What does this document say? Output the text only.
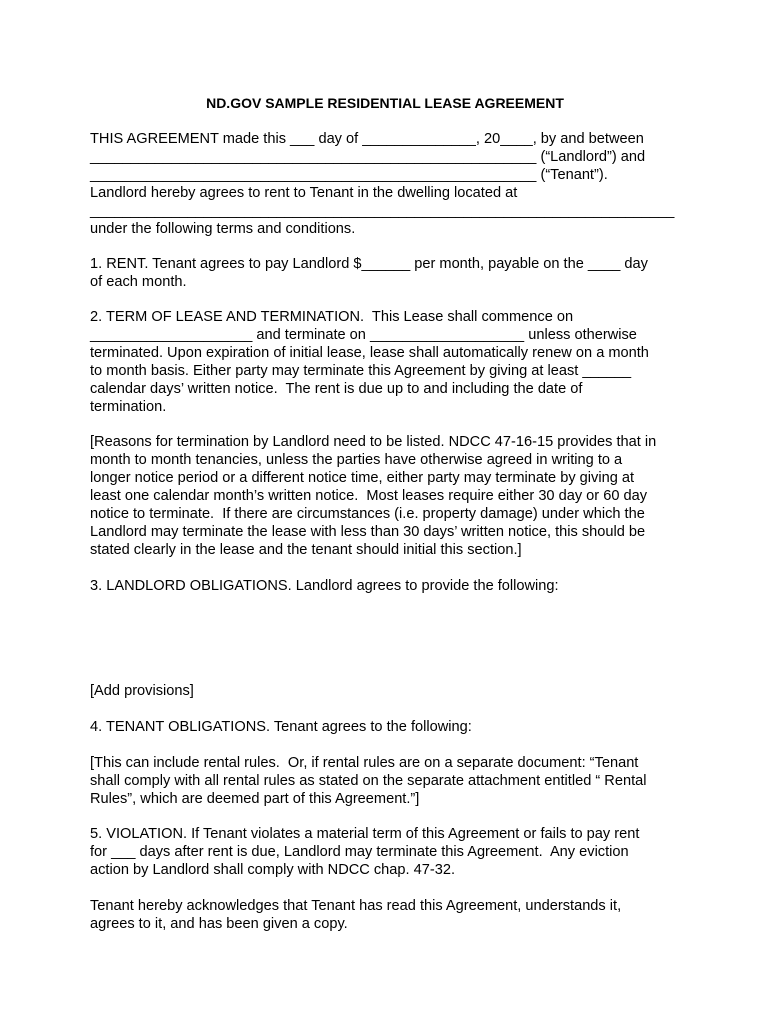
ND.GOV SAMPLE RESIDENTIAL LEASE AGREEMENT
THIS AGREEMENT made this ___ day of ______________, 20____, by and between
_______________________________________________________ (“Landlord”) and
_______________________________________________________ (“Tenant”).
Landlord hereby agrees to rent to Tenant in the dwelling located at
________________________________________________________________________
under the following terms and conditions.
1. RENT. Tenant agrees to pay Landlord $______ per month, payable on the ____ day
of each month.
2. TERM OF LEASE AND TERMINATION.  This Lease shall commence on
____________________ and terminate on ___________________ unless otherwise
terminated. Upon expiration of initial lease, lease shall automatically renew on a month
to month basis. Either party may terminate this Agreement by giving at least ______
calendar days’ written notice.  The rent is due up to and including the date of
termination.
[Reasons for termination by Landlord need to be listed. NDCC 47-16-15 provides that in
month to month tenancies, unless the parties have otherwise agreed in writing to a
longer notice period or a different notice time, either party may terminate by giving at
least one calendar month’s written notice.  Most leases require either 30 day or 60 day
notice to terminate.  If there are circumstances (i.e. property damage) under which the
Landlord may terminate the lease with less than 30 days’ written notice, this should be
stated clearly in the lease and the tenant should initial this section.]
3. LANDLORD OBLIGATIONS. Landlord agrees to provide the following:
[Add provisions]
4. TENANT OBLIGATIONS. Tenant agrees to the following:
[This can include rental rules.  Or, if rental rules are on a separate document: “Tenant
shall comply with all rental rules as stated on the separate attachment entitled “ Rental
Rules”, which are deemed part of this Agreement.”]
5. VIOLATION. If Tenant violates a material term of this Agreement or fails to pay rent
for ___ days after rent is due, Landlord may terminate this Agreement.  Any eviction
action by Landlord shall comply with NDCC chap. 47-32.
Tenant hereby acknowledges that Tenant has read this Agreement, understands it,
agrees to it, and has been given a copy.
